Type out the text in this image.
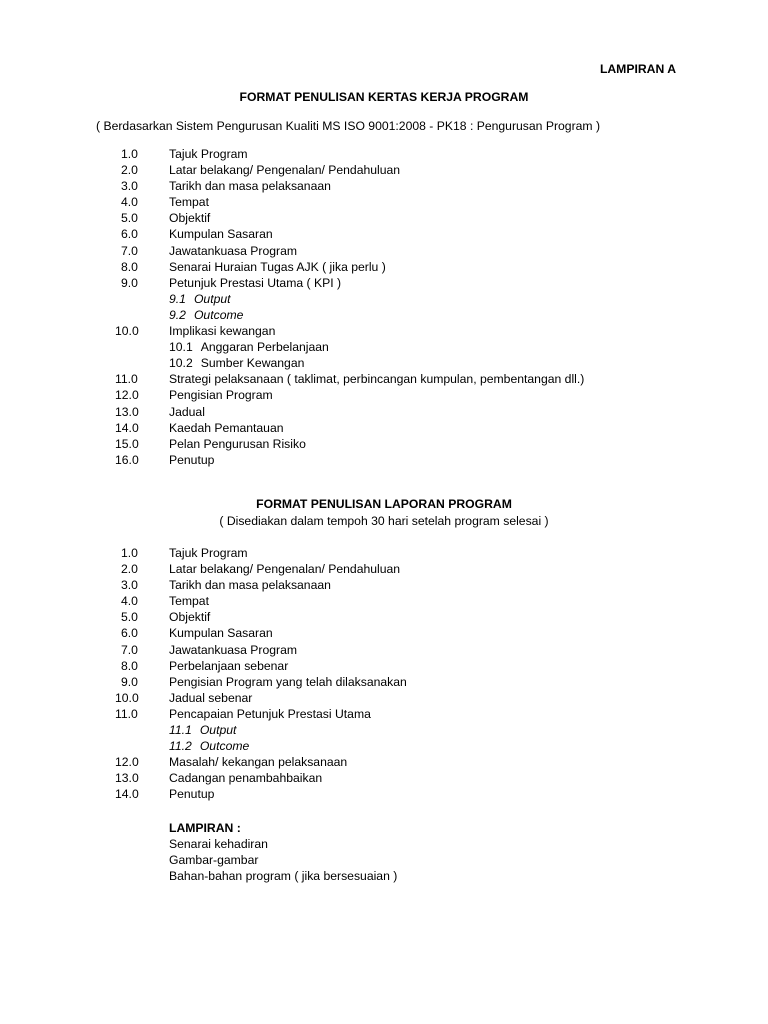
LAMPIRAN A
FORMAT PENULISAN KERTAS KERJA PROGRAM
( Berdasarkan Sistem Pengurusan Kualiti MS ISO 9001:2008 - PK18 : Pengurusan Program )
1.0	Tajuk Program
2.0	Latar belakang/ Pengenalan/ Pendahuluan
3.0	Tarikh dan masa pelaksanaan
4.0	Tempat
5.0	Objektif
6.0	Kumpulan Sasaran
7.0	Jawatankuasa Program
8.0	Senarai Huraian Tugas AJK ( jika perlu )
9.0	Petunjuk Prestasi Utama ( KPI )
9.1 Output
9.2 Outcome
10.0	Implikasi kewangan
10.1 Anggaran Perbelanjaan
10.2 Sumber Kewangan
11.0	Strategi pelaksanaan ( taklimat, perbincangan kumpulan, pembentangan dll.)
12.0	Pengisian Program
13.0	Jadual
14.0	Kaedah Pemantauan
15.0	Pelan Pengurusan Risiko
16.0	Penutup
FORMAT PENULISAN LAPORAN PROGRAM
( Disediakan dalam tempoh 30 hari setelah program selesai )
1.0	Tajuk Program
2.0	Latar belakang/ Pengenalan/ Pendahuluan
3.0	Tarikh dan masa pelaksanaan
4.0	Tempat
5.0	Objektif
6.0	Kumpulan Sasaran
7.0	Jawatankuasa Program
8.0	Perbelanjaan sebenar
9.0	Pengisian Program yang telah dilaksanakan
10.0	Jadual sebenar
11.0	Pencapaian Petunjuk Prestasi Utama
11.1 Output
11.2 Outcome
12.0	Masalah/ kekangan pelaksanaan
13.0	Cadangan penambahbaikan
14.0	Penutup
LAMPIRAN :
Senarai kehadiran
Gambar-gambar
Bahan-bahan program ( jika bersesuaian )
